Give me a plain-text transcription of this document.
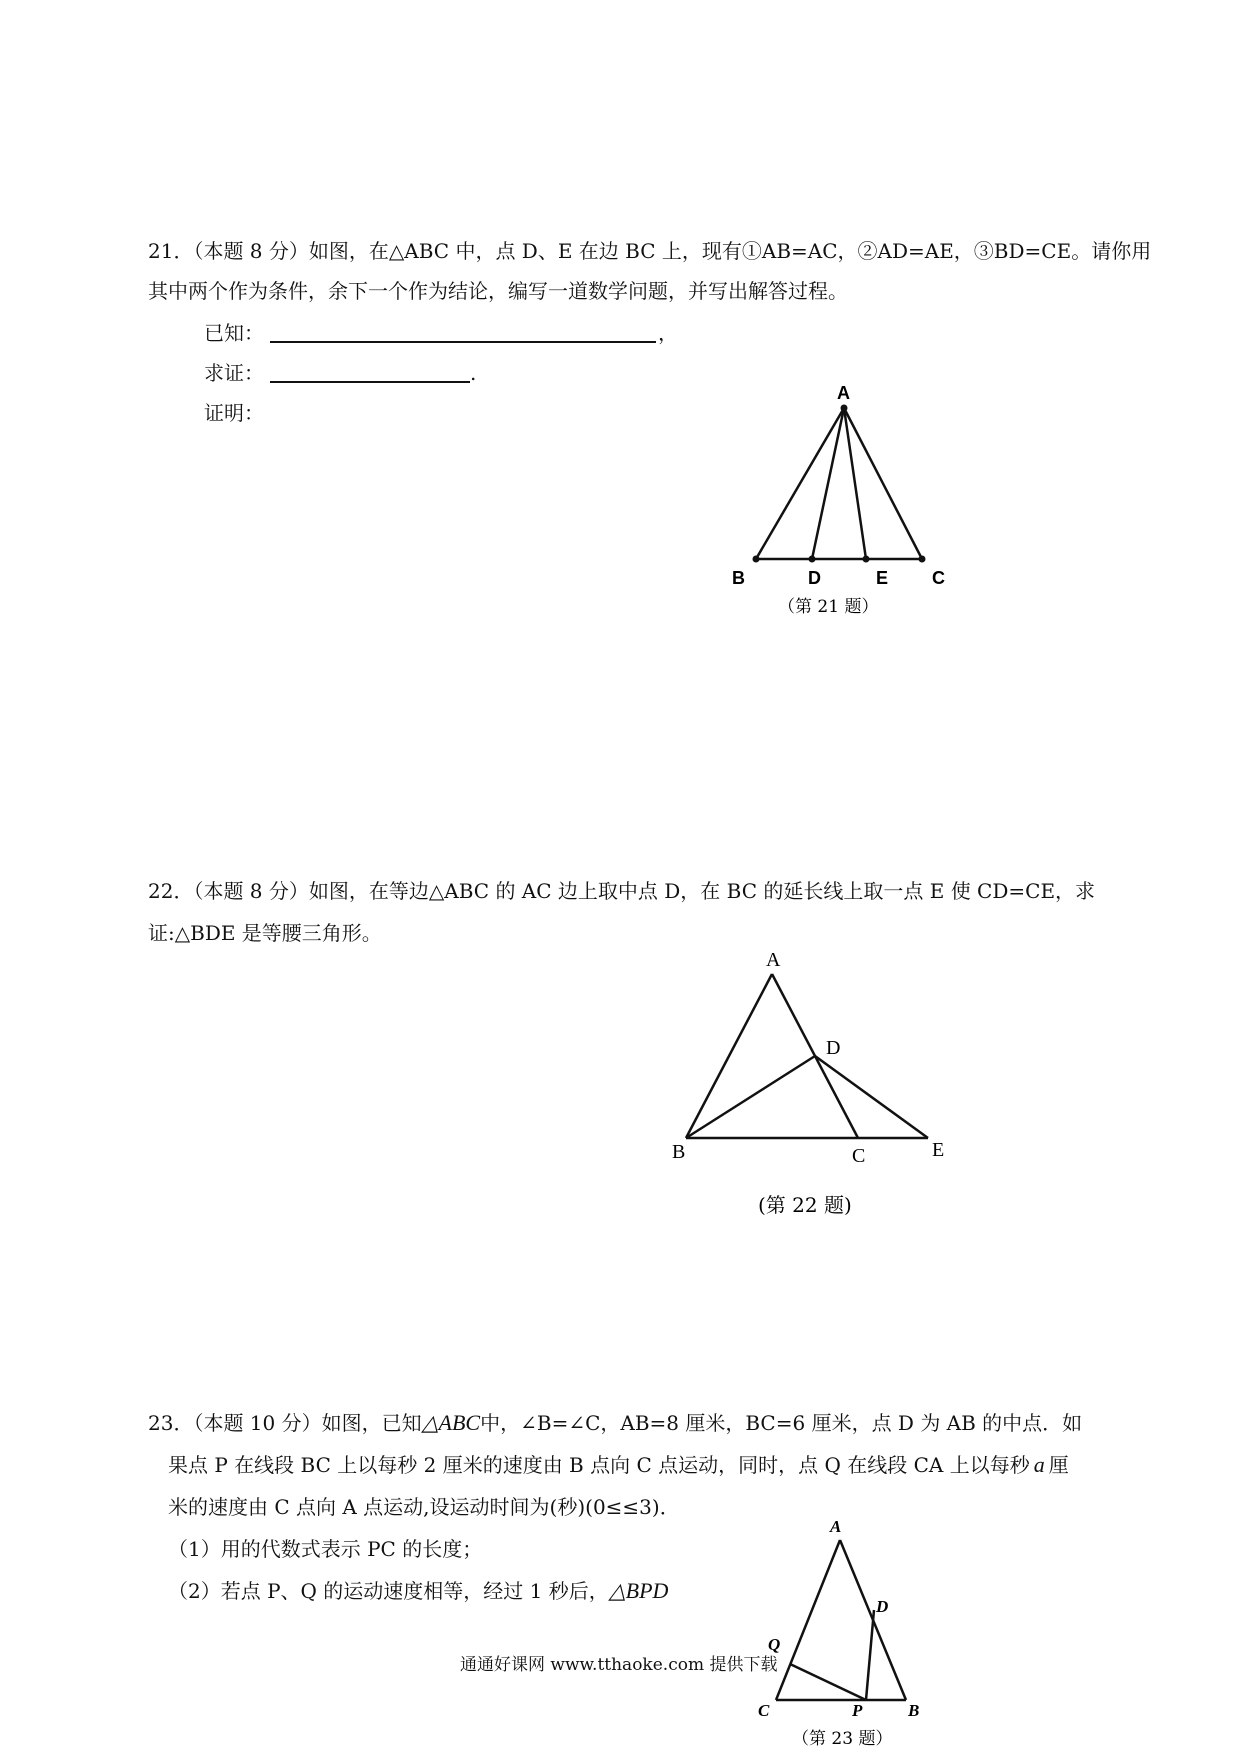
21．（本题 8 分）如图，在△ABC 中，点 D、E 在边 BC 上，现有①AB=AC，②AD=AE，③BD=CE。请你用
其中两个作为条件，余下一个作为结论，编写一道数学问题，并写出解答过程。
已知：	，
求证：	.
证明：
22．（本题 8 分）如图，在等边△ABC 的 AC 边上取中点 D，在 BC 的延长线上取一点 E 使 CD=CE，求
证:△BDE 是等腰三角形。
23．（本题 10 分）如图，已知△ABC中，∠B=∠C，AB=8 厘米，BC=6 厘米，点 D 为 AB 的中点．如
果点 P 在线段 BC 上以每秒 2 厘米的速度由 B 点向 C 点运动，同时，点 Q 在线段 CA 上以每秒 a 厘
米的速度由 C 点向 A 点运动,设运动时间为(秒)(0≤≤3)．
（1）用的代数式表示 PC 的长度；
（2）若点 P、Q 的运动速度相等，经过 1 秒后，△BPD
通通好课网 www.tthaoke.com 提供下载
A
B	D	E C
（第 21 题）
A
D
B	C	E
(第 22 题)
A
D
Q
C	P	B
（第 23 题）
